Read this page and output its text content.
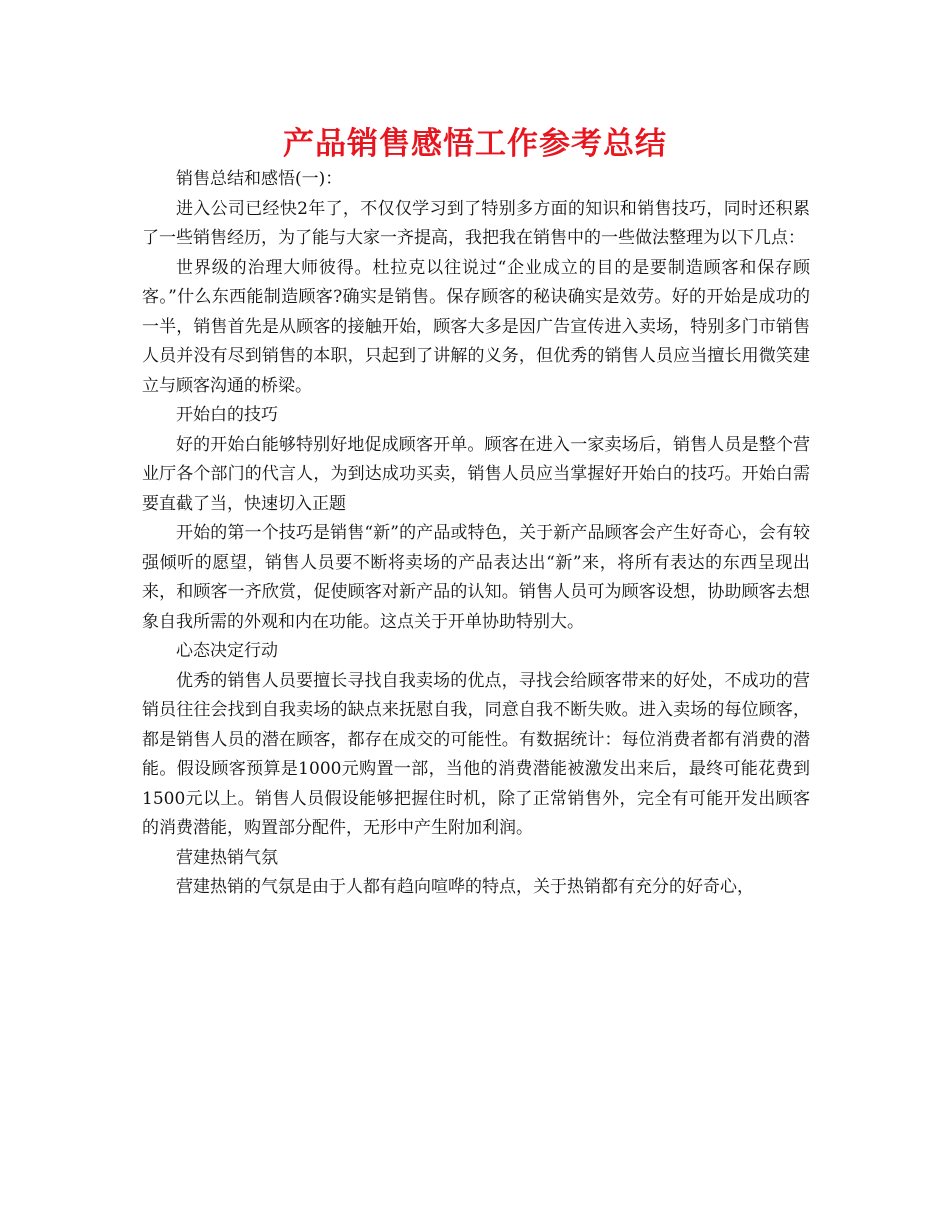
产品销售感悟工作参考总结

销售总结和感悟(一)：

进入公司已经快2年了，不仅仅学习到了特别多方面的知识和销售技巧，同时还积累了一些销售经历，为了能与大家一齐提高，我把我在销售中的一些做法整理为以下几点：

世界级的治理大师彼得。杜拉克以往说过“企业成立的目的是要制造顾客和保存顾客。”什么东西能制造顾客?确实是销售。保存顾客的秘诀确实是效劳。好的开始是成功的一半，销售首先是从顾客的接触开始，顾客大多是因广告宣传进入卖场，特别多门市销售人员并没有尽到销售的本职，只起到了讲解的义务，但优秀的销售人员应当擅长用微笑建立与顾客沟通的桥梁。

开始白的技巧

好的开始白能够特别好地促成顾客开单。顾客在进入一家卖场后，销售人员是整个营业厅各个部门的代言人，为到达成功买卖，销售人员应当掌握好开始白的技巧。开始白需要直截了当，快速切入正题

开始的第一个技巧是销售“新”的产品或特色，关于新产品顾客会产生好奇心，会有较强倾听的愿望，销售人员要不断将卖场的产品表达出“新”来，将所有表达的东西呈现出来，和顾客一齐欣赏，促使顾客对新产品的认知。销售人员可为顾客设想，协助顾客去想象自我所需的外观和内在功能。这点关于开单协助特别大。

心态决定行动

优秀的销售人员要擅长寻找自我卖场的优点，寻找会给顾客带来的好处，不成功的营销员往往会找到自我卖场的缺点来抚慰自我，同意自我不断失败。进入卖场的每位顾客，都是销售人员的潜在顾客，都存在成交的可能性。有数据统计：每位消费者都有消费的潜能。假设顾客预算是1000元购置一部，当他的消费潜能被激发出来后，最终可能花费到1500元以上。销售人员假设能够把握住时机，除了正常销售外，完全有可能开发出顾客的消费潜能，购置部分配件，无形中产生附加利润。

营建热销气氛

营建热销的气氛是由于人都有趋向喧哗的特点，关于热销都有充分的好奇心，
